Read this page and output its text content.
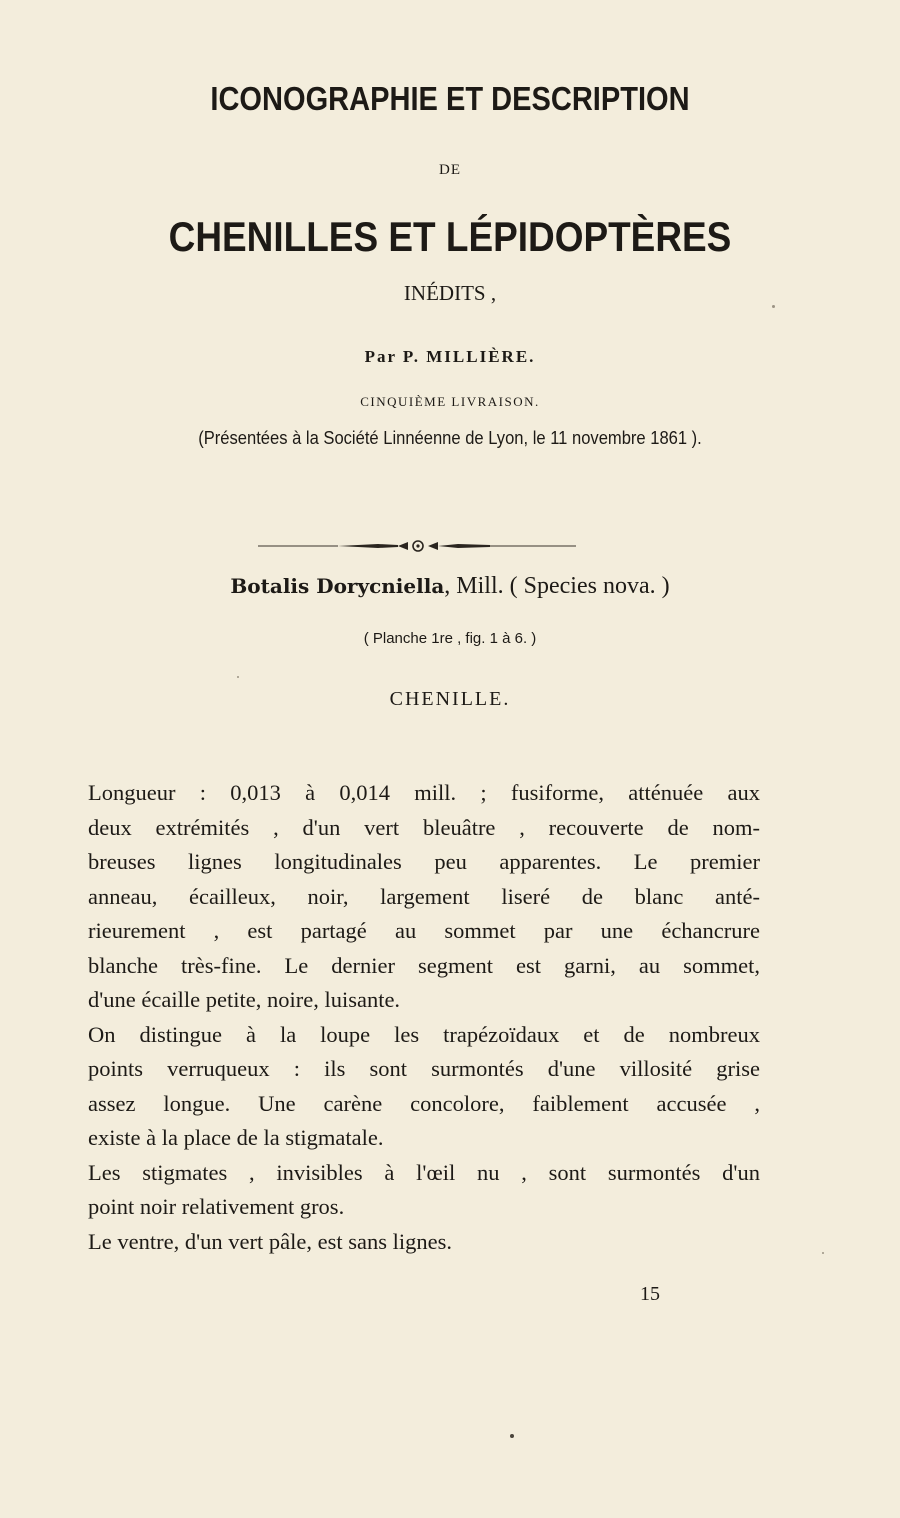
ICONOGRAPHIE ET DESCRIPTION
DE
CHENILLES ET LÉPIDOPTÈRES
INÉDITS ,
Par P. MILLIÈRE.
CINQUIÈME LIVRAISON.
(Présentées à la Société Linnéenne de Lyon, le 11 novembre 1861 ).
Botalis Dorycniella, Mill. ( Species nova. )
( Planche 1re , fig. 1 à 6. )
CHENILLE.
Longueur : 0,013 à 0,014 mill. ; fusiforme, atténuée aux
deux extrémités , d'un vert bleuâtre , recouverte de nom-
breuses lignes longitudinales peu apparentes. Le premier
anneau, écailleux, noir, largement liseré de blanc anté-
rieurement , est partagé au sommet par une échancrure
blanche très-fine. Le dernier segment est garni, au sommet,
d'une écaille petite, noire, luisante.
On distingue à la loupe les trapézoïdaux et de nombreux
points verruqueux : ils sont surmontés d'une villosité grise
assez longue. Une carène concolore, faiblement accusée ,
existe à la place de la stigmatale.
Les stigmates , invisibles à l'œil nu , sont surmontés d'un
point noir relativement gros.
Le ventre, d'un vert pâle, est sans lignes.
15
